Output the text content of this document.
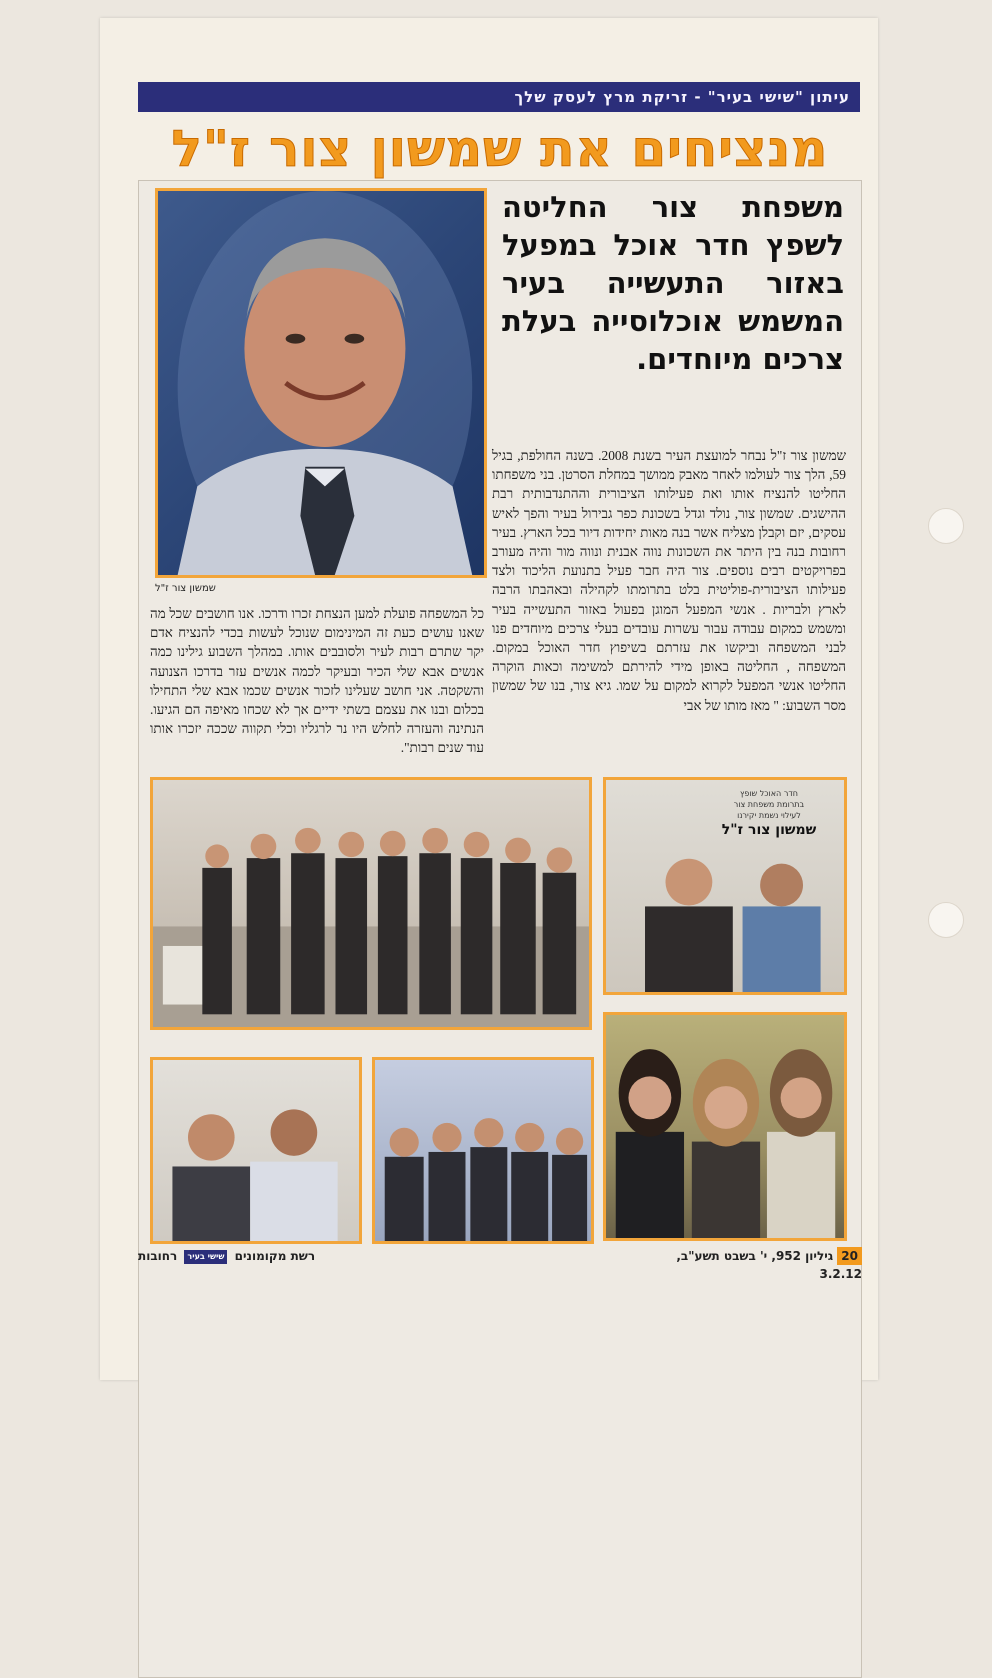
עיתון "שישי בעיר" - זריקת מרץ לעסק שלך
מנציחים את שמשון צור ז"ל
שמשון צור ז"ל
משפחת צור החליטה לשפץ חדר אוכל במפעל באזור התעשייה בעיר המשמש אוכלוסייה בעלת צרכים מיוחדים.
שמשון צור ז"ל נבחר למועצת העיר בשנת 2008. בשנה החולפת, בגיל 59, הלך צור לעולמו לאחר מאבק ממושך במחלת הסרטן. בני משפחתו החליטו להנציח אותו ואת פעילותו הציבורית וההתנדבותית רבת ההישגים. שמשון צור, נולד וגדל בשכונת כפר גבירול בעיר והפך לאיש עסקים, יזם וקבלן מצליח אשר בנה מאות יחידות דיור בכל הארץ. בעיר רחובות בנה בין היתר את השכונות נווה אבנית ונווה מור והיה מעורב בפרויקטים רבים נוספים. צור היה חבר פעיל בתנועת הליכוד ולצד פעילותו הציבורית-פוליטית בלט בתרומתו לקהילה ובאהבתו הרבה לארץ ולבריות . אנשי המפעל המוגן בפעול באזור התעשייה בעיר ומשמש כמקום עבודה עבור עשרות עובדים בעלי צרכים מיוחדים פנו לבני המשפחה וביקשו את עזרתם בשיפוץ חדר האוכל במקום. המשפחה , החליטה באופן מידי להירתם למשימה וכאות הוקרה החליטו אנשי המפעל לקרוא למקום על שמו. גיא צור, בנו של שמשון מסר השבוע: " מאז מותו של אבי
כל המשפחה פועלת למען הנצחת זכרו ודרכו. אנו חושבים שכל מה שאנו עושים כעת זה המינימום שנוכל לעשות בכדי להנציח אדם יקר שתרם רבות לעיר ולסובבים אותו. במהלך השבוע גילינו כמה אנשים אבא שלי הכיר ובעיקר לכמה אנשים עזר בדרכו הצנועה והשקטה. אני חושב שעלינו לזכור אנשים שכמו אבא שלי התחילו בכלום ובנו את עצמם בשתי ידיים אך לא שכחו מאיפה הם הגיעו. הנתינה והעזרה לחלש היו נר לרגליו וכלי תקווה שככה יזכרו אותו עוד שנים רבות".
חדר האוכל שופץ
בתרומת משפחת צור
לעילוי נשמת יקירנו
שמשון צור ז"ל
20 גיליון 952, י' בשבט תשע"ב, 3.2.12
רשת מקומונים שישי בעיר רחובות
